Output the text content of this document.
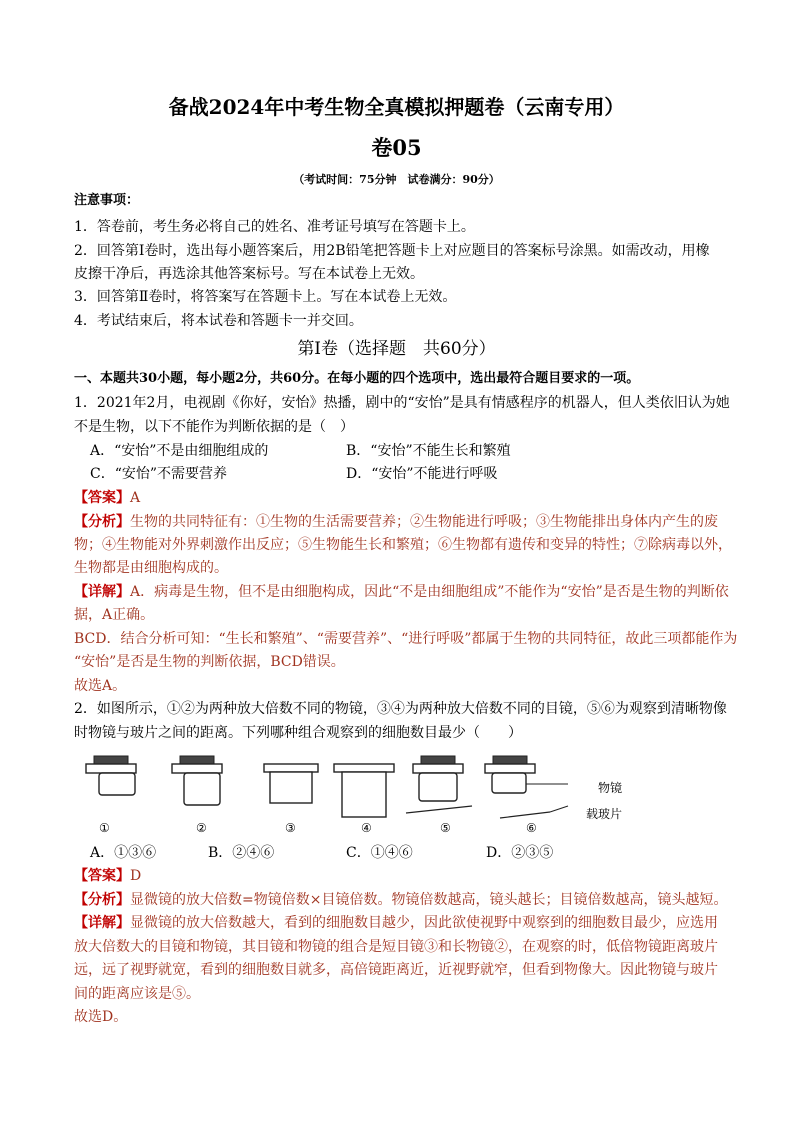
备战2024年中考生物全真模拟押题卷（云南专用）
卷05
（考试时间：75分钟　试卷满分：90分）
注意事项：
1．答卷前，考生务必将自己的姓名、准考证号填写在答题卡上。
2．回答第Ⅰ卷时，选出每小题答案后，用2B铅笔把答题卡上对应题目的答案标号涂黑。如需改动，用橡
皮擦干净后，再选涂其他答案标号。写在本试卷上无效。
3．回答第Ⅱ卷时，将答案写在答题卡上。写在本试卷上无效。
4．考试结束后，将本试卷和答题卡一并交回。
第Ⅰ卷（选择题　共60分）
一、本题共30小题，每小题2分，共60分。在每小题的四个选项中，选出最符合题目要求的一项。
1．2021年2月，电视剧《你好，安怡》热播，剧中的“安怡”是具有情感程序的机器人，但人类依旧认为她
不是生物，以下不能作为判断依据的是（　）
A．“安怡”不是由细胞组成的	B．“安怡”不能生长和繁殖
C．“安怡”不需要营养	D．“安怡”不能进行呼吸
【答案】A
【分析】生物的共同特征有：①生物的生活需要营养；②生物能进行呼吸；③生物能排出身体内产生的废
物；④生物能对外界刺激作出反应；⑤生物能生长和繁殖；⑥生物都有遗传和变异的特性；⑦除病毒以外，
生物都是由细胞构成的。
【详解】A．病毒是生物，但不是由细胞构成，因此“不是由细胞组成”不能作为“安怡”是否是生物的判断依
据，A正确。
BCD．结合分析可知：“生长和繁殖”、“需要营养”、“进行呼吸”都属于生物的共同特征，故此三项都能作为
“安怡”是否是生物的判断依据，BCD错误。
故选A。
2．如图所示，①②为两种放大倍数不同的物镜，③④为两种放大倍数不同的目镜，⑤⑥为观察到清晰物像
时物镜与玻片之间的距离。下列哪种组合观察到的细胞数目最少（　　）
物镜
载玻片
①	②	③	④	⑤	⑥
A．①③⑥	B．②④⑥	C．①④⑥	D．②③⑤
【答案】D
【分析】显微镜的放大倍数=物镜倍数×目镜倍数。物镜倍数越高，镜头越长；目镜倍数越高，镜头越短。
【详解】显微镜的放大倍数越大，看到的细胞数目越少，因此欲使视野中观察到的细胞数目最少，应选用
放大倍数大的目镜和物镜，其目镜和物镜的组合是短目镜③和长物镜②，在观察的时，低倍物镜距离玻片
远，远了视野就宽，看到的细胞数目就多，高倍镜距离近，近视野就窄，但看到物像大。因此物镜与玻片
间的距离应该是⑤。
故选D。
